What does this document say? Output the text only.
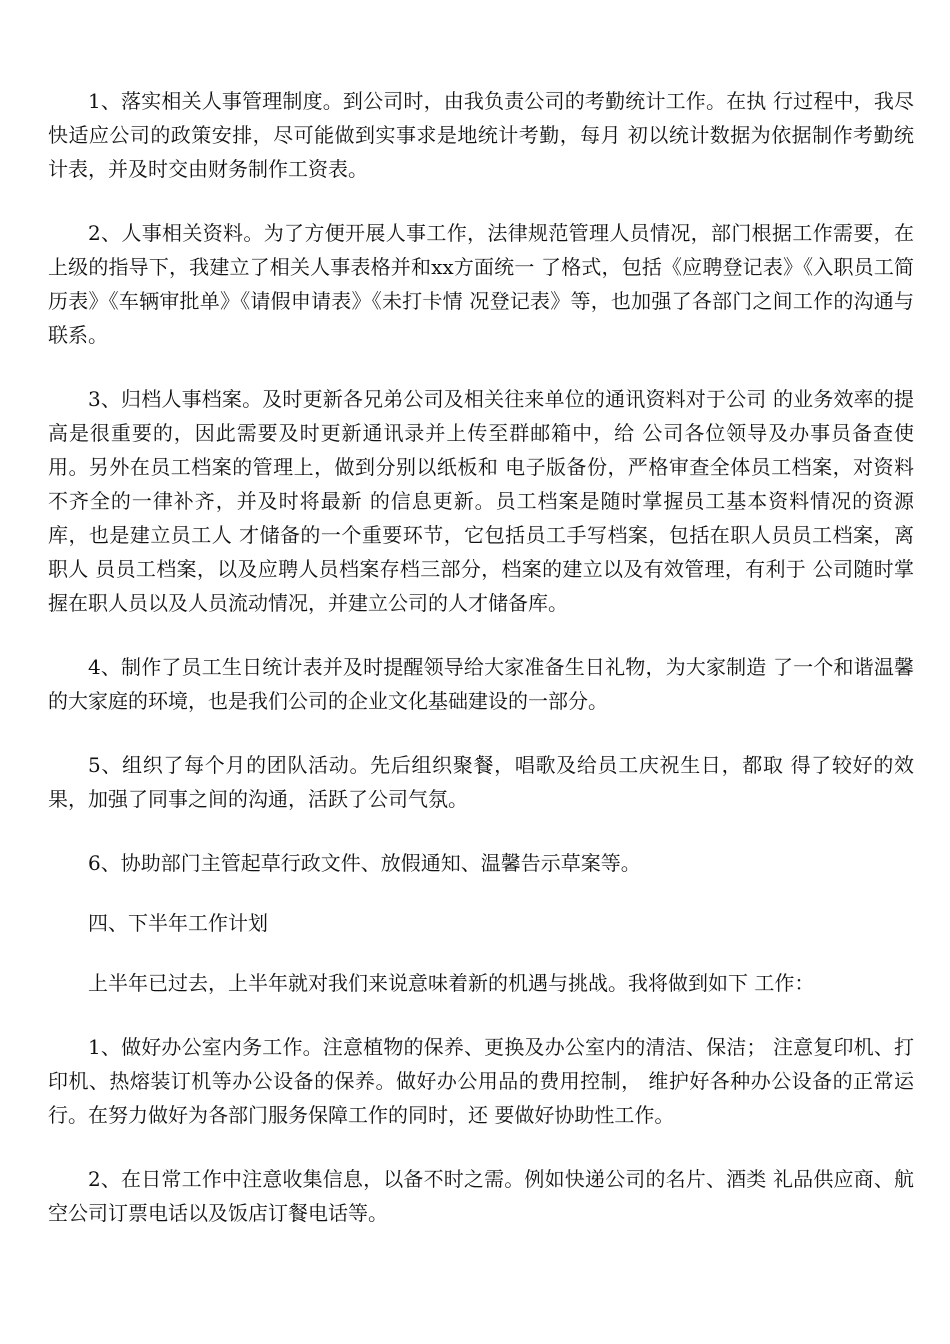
1、落实相关人事管理制度。到公司时，由我负责公司的考勤统计工作。在执 行过程中，我尽快适应公司的政策安排，尽可能做到实事求是地统计考勤，每月 初以统计数据为依据制作考勤统计表，并及时交由财务制作工资表。

2、人事相关资料。为了方便开展人事工作，法律规范管理人员情况，部门根据工作需要，在上级的指导下，我建立了相关人事表格并和xx方面统一 了格式，包括《应聘登记表》《入职员工简历表》《车辆审批单》《请假申请表》《未打卡情 况登记表》等，也加强了各部门之间工作的沟通与联系。

3、归档人事档案。及时更新各兄弟公司及相关往来单位的通讯资料对于公司 的业务效率的提高是很重要的，因此需要及时更新通讯录并上传至群邮箱中，给 公司各位领导及办事员备查使用。另外在员工档案的管理上，做到分别以纸板和 电子版备份，严格审查全体员工档案，对资料不齐全的一律补齐，并及时将最新 的信息更新。员工档案是随时掌握员工基本资料情况的资源库，也是建立员工人 才储备的一个重要环节，它包括员工手写档案，包括在职人员员工档案，离职人 员员工档案，以及应聘人员档案存档三部分，档案的建立以及有效管理，有利于 公司随时掌握在职人员以及人员流动情况，并建立公司的人才储备库。

4、制作了员工生日统计表并及时提醒领导给大家准备生日礼物，为大家制造 了一个和谐温馨的大家庭的环境，也是我们公司的企业文化基础建设的一部分。

5、组织了每个月的团队活动。先后组织聚餐，唱歌及给员工庆祝生日，都取 得了较好的效果，加强了同事之间的沟通，活跃了公司气氛。

6、协助部门主管起草行政文件、放假通知、温馨告示草案等。

四、下半年工作计划

上半年已过去，上半年就对我们来说意味着新的机遇与挑战。我将做到如下 工作：

1、做好办公室内务工作。注意植物的保养、更换及办公室内的清洁、保洁； 注意复印机、打印机、热熔装订机等办公设备的保养。做好办公用品的费用控制， 维护好各种办公设备的正常运行。在努力做好为各部门服务保障工作的同时，还 要做好协助性工作。

2、在日常工作中注意收集信息，以备不时之需。例如快递公司的名片、酒类 礼品供应商、航空公司订票电话以及饭店订餐电话等。
